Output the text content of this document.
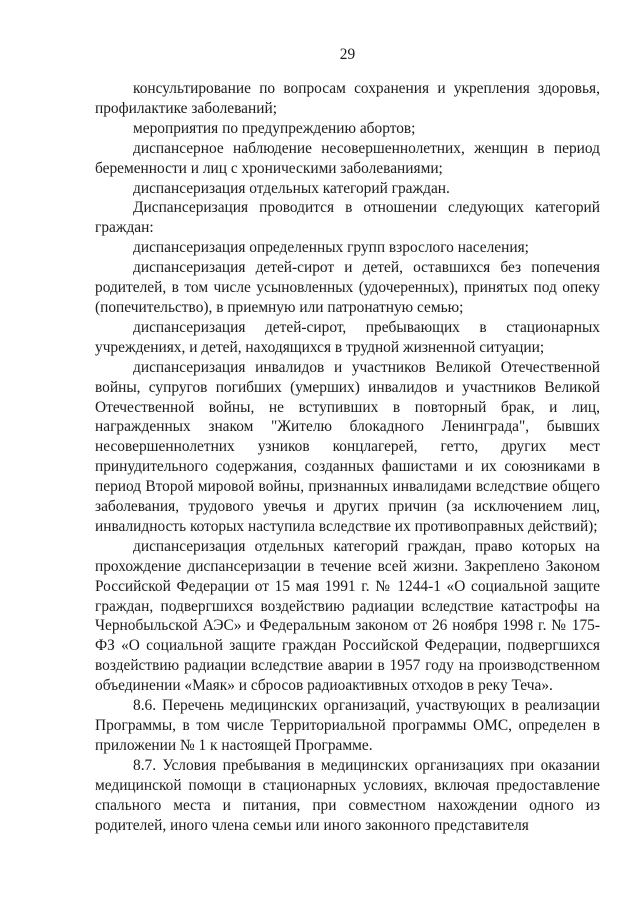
29

консультирование по вопросам сохранения и укрепления здоровья, профилактике заболеваний;

мероприятия по предупреждению абортов;

диспансерное наблюдение несовершеннолетних, женщин в период беременности и лиц с хроническими заболеваниями;

диспансеризация отдельных категорий граждан.

Диспансеризация проводится в отношении следующих категорий граждан:

диспансеризация определенных групп взрослого населения;

диспансеризация детей-сирот и детей, оставшихся без попечения родителей, в том числе усыновленных (удочеренных), принятых под опеку (попечительство), в приемную или патронатную семью;

диспансеризация детей-сирот, пребывающих в стационарных учреждениях, и детей, находящихся в трудной жизненной ситуации;

диспансеризация инвалидов и участников Великой Отечественной войны, супругов погибших (умерших) инвалидов и участников Великой Отечественной войны, не вступивших в повторный брак, и лиц, награжденных знаком "Жителю блокадного Ленинграда", бывших несовершеннолетних узников концлагерей, гетто, других мест принудительного содержания, созданных фашистами и их союзниками в период Второй мировой войны, признанных инвалидами вследствие общего заболевания, трудового увечья и других причин (за исключением лиц, инвалидность которых наступила вследствие их противоправных действий);

диспансеризация отдельных категорий граждан, право которых на прохождение диспансеризации в течение всей жизни. Закреплено Законом Российской Федерации от 15 мая 1991 г. № 1244-1 «О социальной защите граждан, подвергшихся воздействию радиации вследствие катастрофы на Чернобыльской АЭС» и Федеральным законом от 26 ноября 1998 г. № 175-ФЗ «О социальной защите граждан Российской Федерации, подвергшихся воздействию радиации вследствие аварии в 1957 году на производственном объединении «Маяк» и сбросов радиоактивных отходов в реку Теча».

8.6. Перечень медицинских организаций, участвующих в реализации Программы, в том числе Территориальной программы ОМС, определен в приложении № 1 к настоящей Программе.

8.7. Условия пребывания в медицинских организациях при оказании медицинской помощи в стационарных условиях, включая предоставление спального места и питания, при совместном нахождении одного из родителей, иного члена семьи или иного законного представителя
